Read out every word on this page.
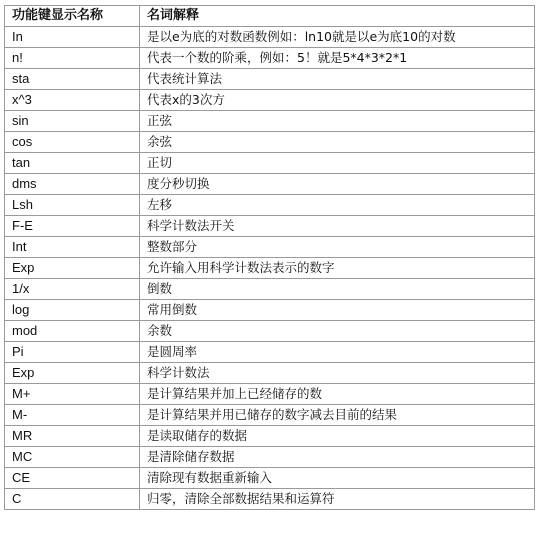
功能键显示名称	名词解释
In	是以e为底的对数函数例如：ln10就是以e为底10的对数
n!	代表一个数的阶乘，例如：5！就是5*4*3*2*1
sta	代表统计算法
x^3	代表x的3次方
sin	正弦
cos	余弦
tan	正切
dms	度分秒切换
Lsh	左移
F-E	科学计数法开关
Int	整数部分
Exp	允许输入用科学计数法表示的数字
1/x	倒数
log	常用倒数
mod	余数
Pi	是圆周率
Exp	科学计数法
M+	是计算结果并加上已经储存的数
M-	是计算结果并用已储存的数字减去目前的结果
MR	是读取储存的数据
MC	是清除储存数据
CE	清除现有数据重新输入
C	归零，清除全部数据结果和运算符
